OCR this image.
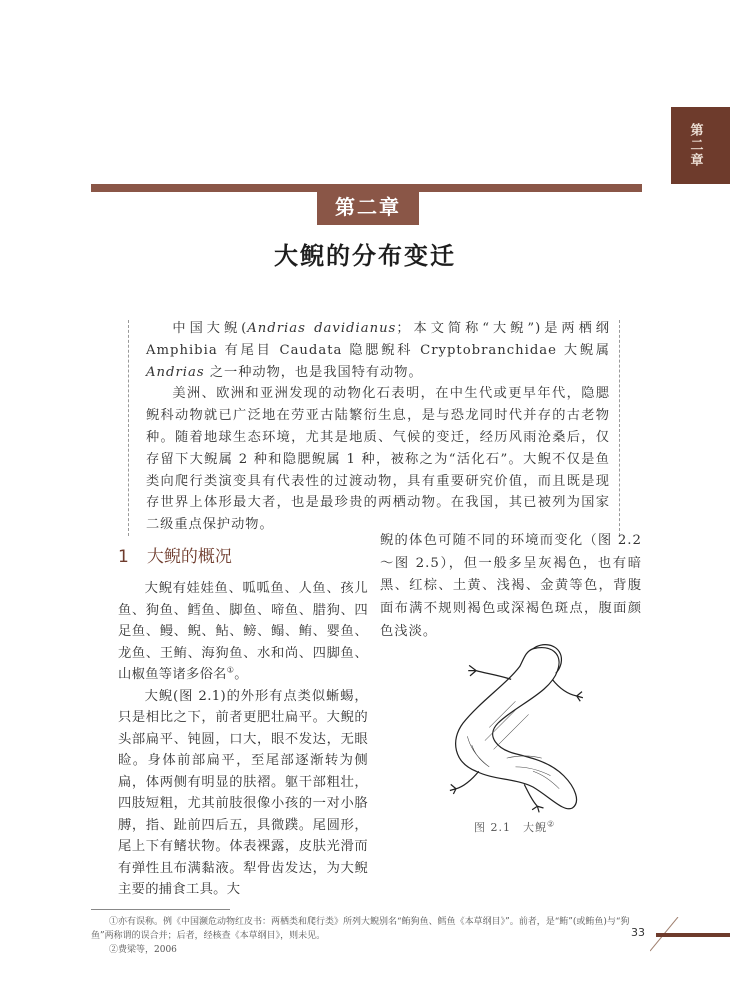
第二章
第二章
大鲵的分布变迁

中国大鲵(Andrias davidianus；本文简称“大鲵”)是两栖纲 Amphibia 有尾目 Caudata 隐腮鲵科 Cryptobranchidae 大鲵属 Andrias 之一种动物，也是我国特有动物。

美洲、欧洲和亚洲发现的动物化石表明，在中生代或更早年代，隐腮鲵科动物就已广泛地在劳亚古陆繁衍生息，是与恐龙同时代并存的古老物种。随着地球生态环境，尤其是地质、气候的变迁，经历风雨沧桑后，仅存留下大鲵属 2 种和隐腮鲵属 1 种，被称之为“活化石”。大鲵不仅是鱼类向爬行类演变具有代表性的过渡动物，具有重要研究价值，而且既是现存世界上体形最大者，也是最珍贵的两栖动物。在我国，其已被列为国家二级重点保护动物。

1 大鲵的概况

大鲵有娃娃鱼、呱呱鱼、人鱼、孩儿鱼、狗鱼、鳕鱼、脚鱼、啼鱼、腊狗、四足鱼、鳗、鲵、鲇、鳑、鳎、鲔、婴鱼、龙鱼、王鲔、海狗鱼、水和尚、四脚鱼、山椒鱼等诸多俗名①。

大鲵(图 2.1)的外形有点类似蜥蜴，只是相比之下，前者更肥壮扁平。大鲵的头部扁平、钝圆，口大，眼不发达，无眼睑。身体前部扁平，至尾部逐渐转为侧扁，体两侧有明显的肤褶。躯干部粗壮，四肢短粗，尤其前肢很像小孩的一对小胳膊，指、趾前四后五，具微蹼。尾圆形，尾上下有鳍状物。体表裸露，皮肤光滑而有弹性且布满黏液。犁骨齿发达，为大鲵主要的捕食工具。大

鲵的体色可随不同的环境而变化（图 2.2～图 2.5），但一般多呈灰褐色，也有暗黑、红棕、土黄、浅褐、金黄等色，背腹面布满不规则褐色或深褐色斑点，腹面颜色浅淡。

图 2.1　大鲵②

①亦有误称。例《中国濒危动物红皮书：两栖类和爬行类》所列大鲵别名“鲔狗鱼、鳕鱼《本草纲目》”。前者，是“鲔”(或鲔鱼)与“狗鱼”两称谓的误合并；后者，经核查《本草纲目》，则未见。

②费梁等，2006

33
